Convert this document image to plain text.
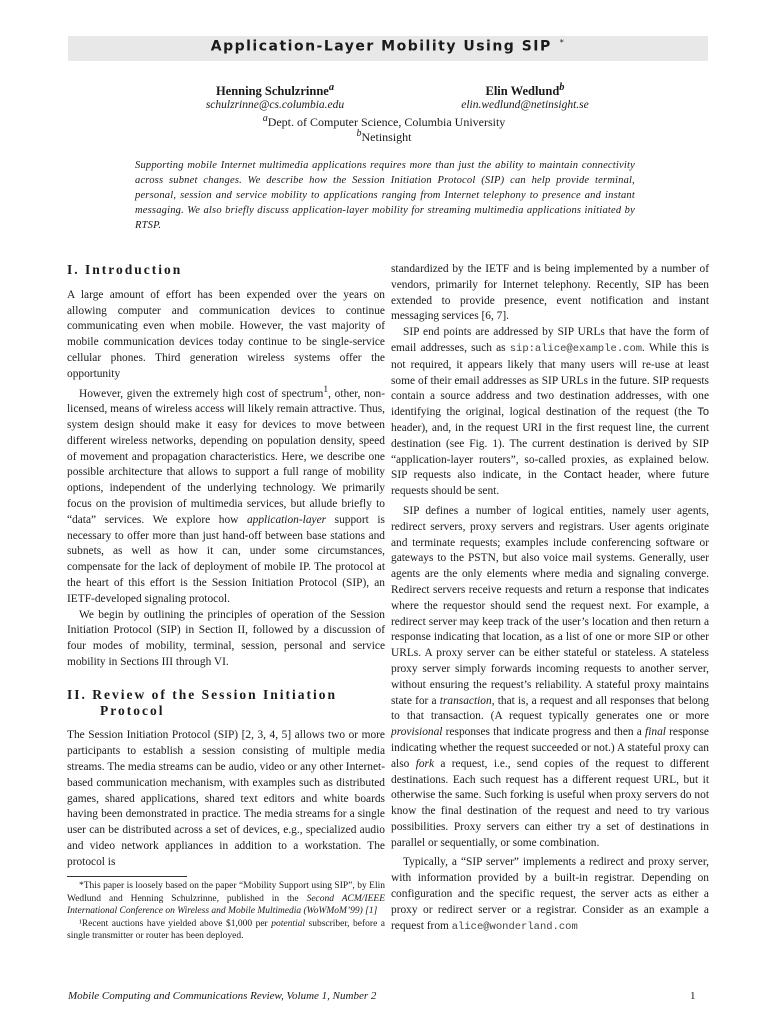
Application-Layer Mobility Using SIP *
Henning Schulzrinne$^a$
schulzrinne@cs.columbia.edu
Elin Wedlund$^b$
elin.wedlund@netinsight.se
$^a$Dept. of Computer Science, Columbia University
$^b$Netinsight
Supporting mobile Internet multimedia applications requires more than just the ability to maintain connectivity across subnet changes. We describe how the Session Initiation Protocol (SIP) can help provide terminal, personal, session and service mobility to applications ranging from Internet telephony to presence and instant messaging. We also briefly discuss application-layer mobility for streaming multimedia applications initiated by RTSP.
I. Introduction

A large amount of effort has been expended over the years on allowing computer and communication devices to continue communicating even when mobile. However, the vast majority of mobile communication devices today continue to be single-service cellular phones. Third generation wireless systems offer the opportunity

However, given the extremely high cost of spectrum$^1$, other, non-licensed, means of wireless access will likely remain attractive. Thus, system design should make it easy for devices to move between different wireless networks, depending on population density, speed of movement and propagation characteristics. Here, we describe one possible architecture that allows to support a full range of mobility options, independent of the underlying technology. We primarily focus on the provision of multimedia services, but allude briefly to “data” services. We explore how application-layer support is necessary to offer more than just hand-off between base stations and subnets, as well as how it can, under some circumstances, compensate for the lack of deployment of mobile IP. The protocol at the heart of this effort is the Session Initiation Protocol (SIP), an IETF-developed signaling protocol.

We begin by outlining the principles of operation of the Session Initiation Protocol (SIP) in Section II, followed by a discussion of four modes of mobility, terminal, session, personal and service mobility in Sections III through VI.

II. Review of the Session Initiation
Protocol

The Session Initiation Protocol (SIP) [2, 3, 4, 5] allows two or more participants to establish a session consisting of multiple media streams. The media streams can be audio, video or any other Internet-based communication mechanism, with examples such as distributed games, shared applications, shared text editors and white boards having been demonstrated in practice. The media streams for a single user can be distributed across a set of devices, e.g., specialized audio and video network appliances in addition to a workstation. The protocol is

*This paper is loosely based on the paper “Mobility Support using SIP”, by Elin Wedlund and Henning Schulzrinne, published in the Second ACM/IEEE International Conference on Wireless and Mobile Multimedia (WoWMoM’99) [1]

¹Recent auctions have yielded above $1,000 per potential subscriber, before a single transmitter or router has been deployed.

standardized by the IETF and is being implemented by a number of vendors, primarily for Internet telephony. Recently, SIP has been extended to provide presence, event notification and instant messaging services [6, 7].

SIP end points are addressed by SIP URLs that have the form of email addresses, such as sip:alice@example.com. While this is not required, it appears likely that many users will re-use at least some of their email addresses as SIP URLs in the future. SIP requests contain a source address and two destination addresses, with one identifying the original, logical destination of the request (the To header), and, in the request URI in the first request line, the current destination (see Fig. 1). The current destination is derived by SIP “application-layer routers”, so-called proxies, as explained below. SIP requests also indicate, in the Contact header, where future requests should be sent.

SIP defines a number of logical entities, namely user agents, redirect servers, proxy servers and registrars. User agents originate and terminate requests; examples include conferencing software or gateways to the PSTN, but also voice mail systems. Generally, user agents are the only elements where media and signaling converge. Redirect servers receive requests and return a response that indicates where the requestor should send the request next. For example, a redirect server may keep track of the user’s location and then return a response indicating that location, as a list of one or more SIP or other URLs. A proxy server can be either stateful or stateless. A stateless proxy server simply forwards incoming requests to another server, without ensuring the request’s reliability. A stateful proxy maintains state for a transaction, that is, a request and all responses that belong to that transaction. (A request typically generates one or more provisional responses that indicate progress and then a final response indicating whether the request succeeded or not.) A stateful proxy can also fork a request, i.e., send copies of the request to different destinations. Each such request has a different request URL, but it otherwise the same. Such forking is useful when proxy servers do not know the final destination of the request and need to try various possibilities. Proxy servers can either try a set of destinations in parallel or sequentially, or some combination.

Typically, a “SIP server” implements a redirect and proxy server, with information provided by a built-in registrar. Depending on configuration and the specific request, the server acts as either a proxy or redirect server or a registrar. Consider as an example a request from alice@wonderland.com

Mobile Computing and Communications Review, Volume 1, Number 2	1
